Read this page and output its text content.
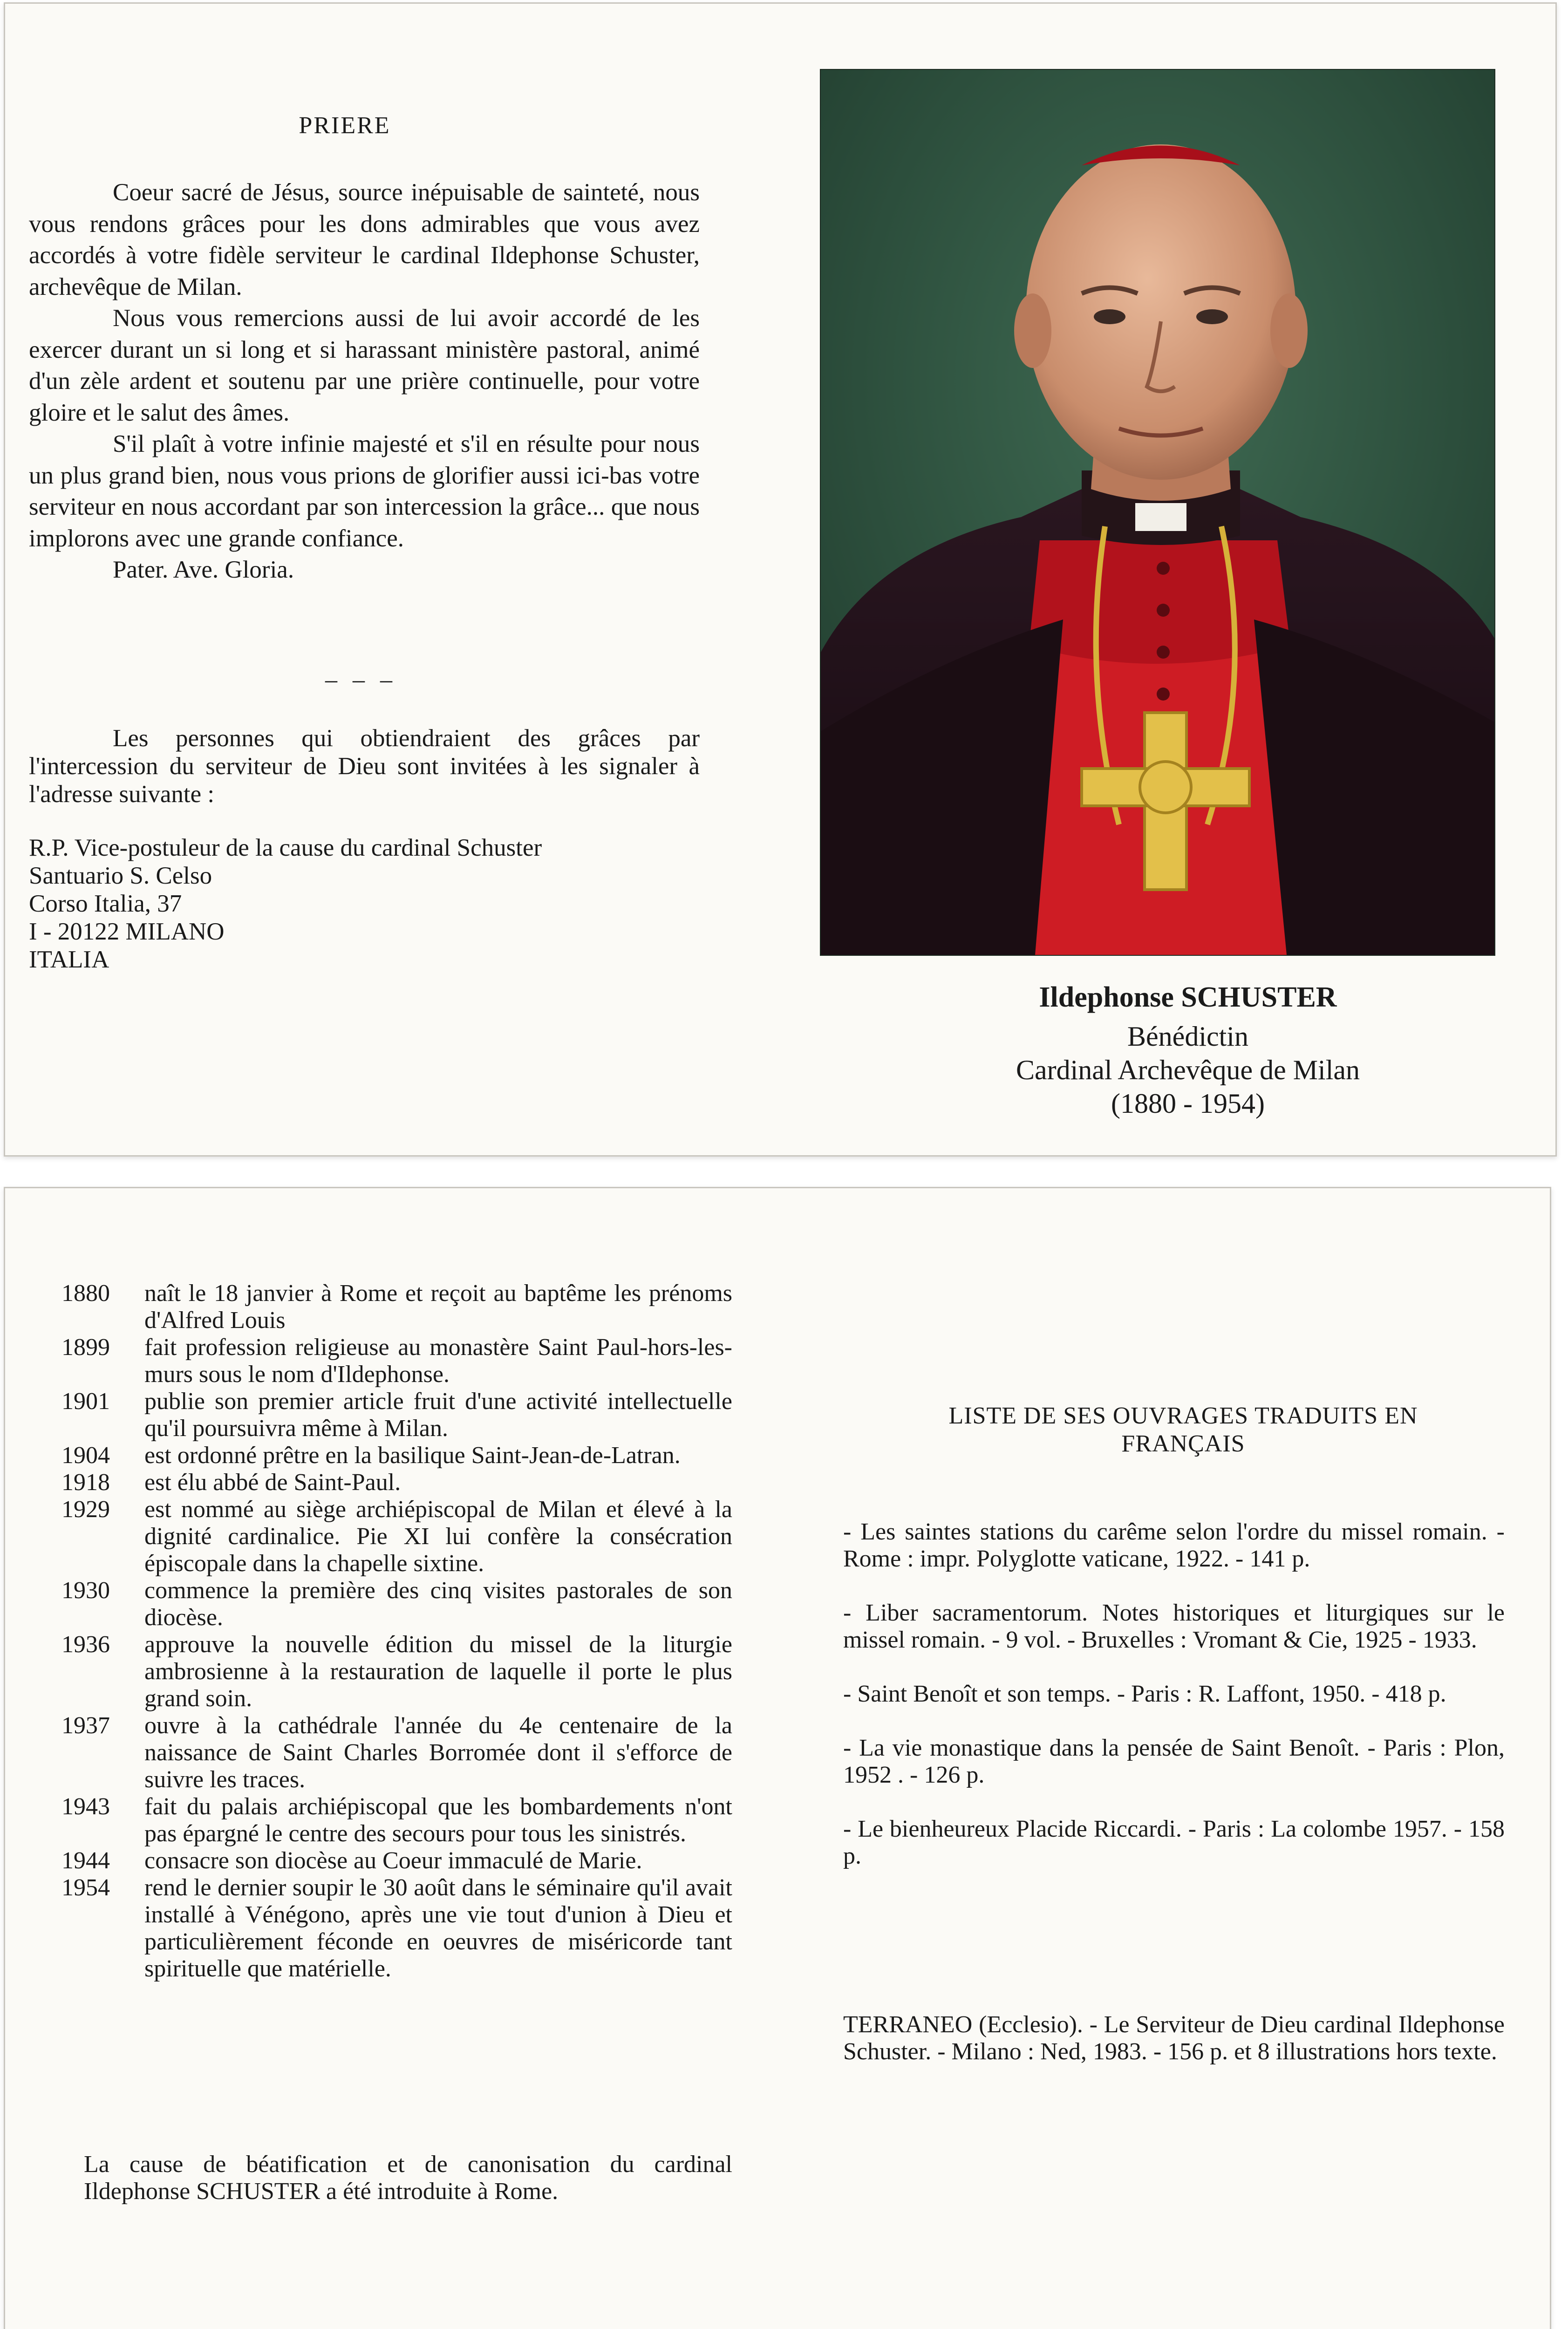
PRIERE

Coeur sacré de Jésus, source inépuisable de sainteté, nous vous rendons grâces pour les dons admirables que vous avez accordés à votre fidèle serviteur le cardinal Ildephonse Schuster, archevêque de Milan.

Nous vous remercions aussi de lui avoir accordé de les exercer durant un si long et si harassant ministère pastoral, animé d'un zèle ardent et soutenu par une prière continuelle, pour votre gloire et le salut des âmes.

S'il plaît à votre infinie majesté et s'il en résulte pour nous un plus grand bien, nous vous prions de glorifier aussi ici-bas votre serviteur en nous accordant par son intercession la grâce... que nous implorons avec une grande confiance.

Pater. Ave. Gloria.

– – –

Les personnes qui obtiendraient des grâces par l'intercession du serviteur de Dieu sont invitées à les signaler à l'adresse suivante :

R.P. Vice-postuleur de la cause du cardinal Schuster
Santuario S. Celso
Corso Italia, 37
I - 20122 MILANO
ITALIA
Ildephonse SCHUSTER
Bénédictin
Cardinal Archevêque de Milan
(1880 - 1954)
1880	naît le 18 janvier à Rome et reçoit au baptême les prénoms d'Alfred Louis
1899	fait profession religieuse au monastère Saint Paul-hors-les-murs sous le nom d'Ildephonse.
1901	publie son premier article fruit d'une activité intellectuelle qu'il poursuivra même à Milan.
1904	est ordonné prêtre en la basilique Saint-Jean-de-Latran.
1918	est élu abbé de Saint-Paul.
1929	est nommé au siège archiépiscopal de Milan et élevé à la dignité cardinalice. Pie XI lui confère la consécration épiscopale dans la chapelle sixtine.
1930	commence la première des cinq visites pastorales de son diocèse.
1936	approuve la nouvelle édition du missel de la liturgie ambrosienne à la restauration de laquelle il porte le plus grand soin.
1937	ouvre à la cathédrale l'année du 4e centenaire de la naissance de Saint Charles Borromée dont il s'efforce de suivre les traces.
1943	fait du palais archiépiscopal que les bombardements n'ont pas épargné le centre des secours pour tous les sinistrés.
1944	consacre son diocèse au Coeur immaculé de Marie.
1954	rend le dernier soupir le 30 août dans le séminaire qu'il avait installé à Vénégono, après une vie tout d'union à Dieu et particulièrement féconde en oeuvres de miséricorde tant spirituelle que matérielle.

La cause de béatification et de canonisation du cardinal Ildephonse SCHUSTER a été introduite à Rome.

LISTE DE SES OUVRAGES TRADUITS EN FRANÇAIS
- Les saintes stations du carême selon l'ordre du missel romain. - Rome : impr. Polyglotte vaticane, 1922. - 141 p.
- Liber sacramentorum. Notes historiques et liturgiques sur le missel romain. - 9 vol. - Bruxelles : Vromant & Cie, 1925 - 1933.
- Saint Benoît et son temps. - Paris : R. Laffont, 1950. - 418 p.
- La vie monastique dans la pensée de Saint Benoît. - Paris : Plon, 1952 . - 126 p.
- Le bienheureux Placide Riccardi. - Paris : La colombe 1957. - 158 p.
TERRANEO (Ecclesio). - Le Serviteur de Dieu cardinal Ildephonse Schuster. - Milano : Ned, 1983. - 156 p. et 8 illustrations hors texte.
